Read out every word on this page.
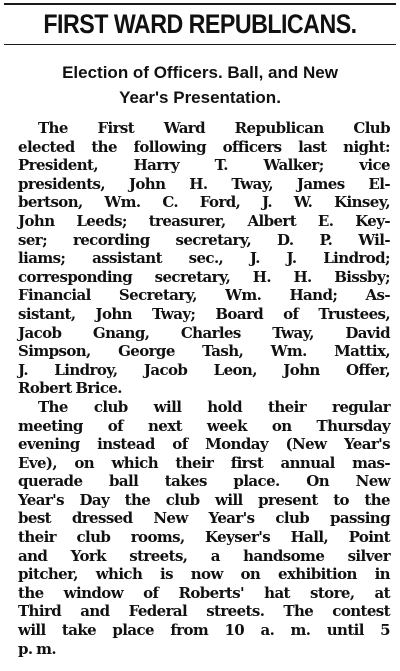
FIRST WARD REPUBLICANS.
Election of Officers. Ball, and New
Year's Presentation.
The First Ward Republican Club
elected the following officers last night:
President, Harry T. Walker; vice
presidents, John H. Tway, James El-
bertson, Wm. C. Ford, J. W. Kinsey,
John Leeds; treasurer, Albert E. Key-
ser; recording secretary, D. P. Wil-
liams; assistant sec., J. J. Lindrod;
corresponding secretary, H. H. Bissby;
Financial Secretary, Wm. Hand; As-
sistant, John Tway; Board of Trustees,
Jacob Gnang, Charles Tway, David
Simpson, George Tash, Wm. Mattix,
J. Lindroy, Jacob Leon, John Offer,
Robert Brice.
The club will hold their regular
meeting of next week on Thursday
evening instead of Monday (New Year's
Eve), on which their first annual mas-
querade ball takes place. On New
Year's Day the club will present to the
best dressed New Year's club passing
their club rooms, Keyser's Hall, Point
and York streets, a handsome silver
pitcher, which is now on exhibition in
the window of Roberts' hat store, at
Third and Federal streets. The contest
will take place from 10 a. m. until 5
p. m.
